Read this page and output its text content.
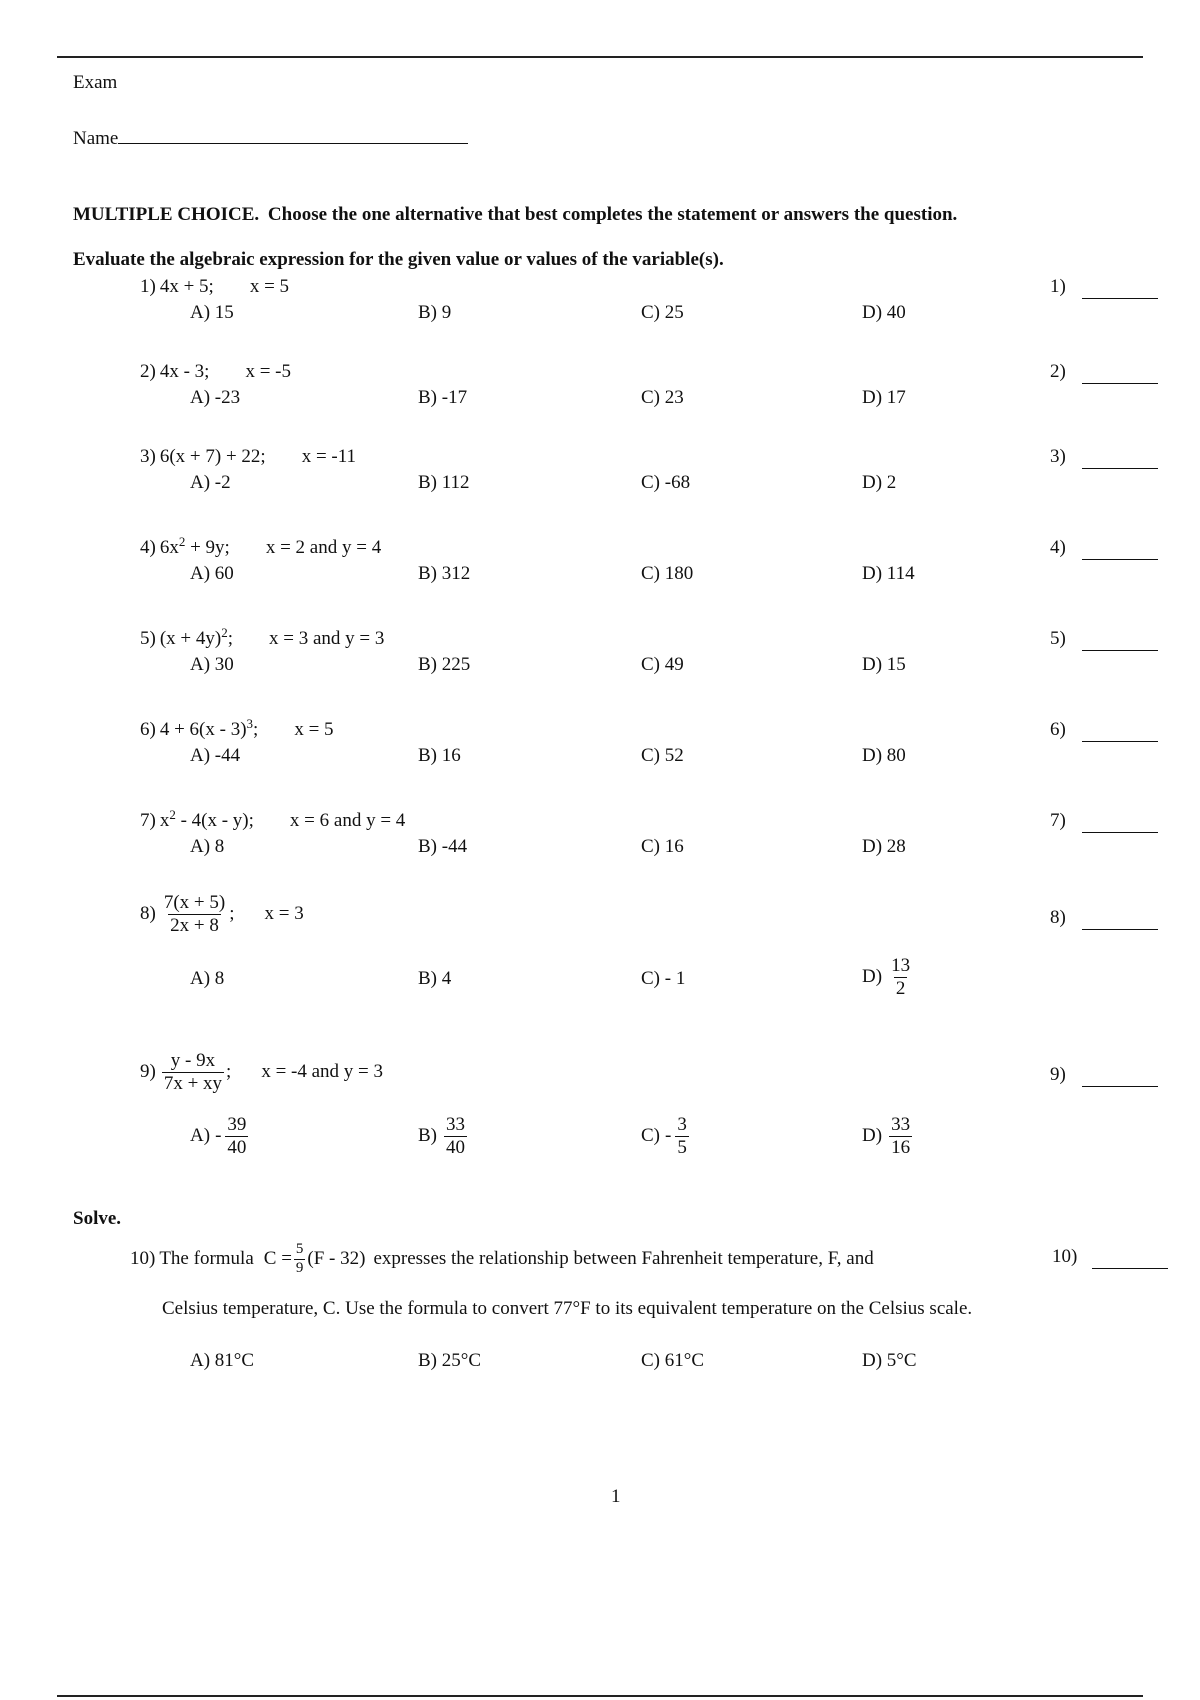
Exam
Name
MULTIPLE CHOICE. Choose the one alternative that best completes the statement or answers the question.
Evaluate the algebraic expression for the given value or values of the variable(s).
1) 4x + 5; x = 5	1)
A) 15	B) 9	C) 25	D) 40
2) 4x - 3; x = -5	2)
A) -23	B) -17	C) 23	D) 17
3) 6(x + 7) + 22; x = -11	3)
A) -2	B) 112	C) -68	D) 2
4) $6x^2 + 9y$; x = 2 and y = 4	4)
A) 60	B) 312	C) 180	D) 114
5) $(x + 4y)^2$; x = 3 and y = 3	5)
A) 30	B) 225	C) 49	D) 15
6) 4 + 6(x - 3)$^3$; x = 5	6)
A) -44	B) 16	C) 52	D) 80
7) $x^2 - 4(x - y)$; x = 6 and y = 4	7)
A) 8	B) -44	C) 16	D) 28
$8) \frac{7(x + 5)}{2x + 8}$ ; x = 3	8)
A) 8	B) 4	C) - 1	$D) \frac{13}{2}$
$9) \frac{y - 9x}{7x + xy}$ ; x = -4 and y = 3	9)
$A) - \frac{39}{40}$	$B) \frac{33}{40}$	$C) - \frac{3}{5}$	$D) \frac{33}{16}$
Solve.
10) The formula $C = \frac{5}{9} (F - 32)$ expresses the relationship between Fahrenheit temperature, F, and	10)
Celsius temperature, C. Use the formula to convert 77°F to its equivalent temperature on the Celsius scale.
A) 81°C	B) 25°C	C) 61°C	D) 5°C
1
